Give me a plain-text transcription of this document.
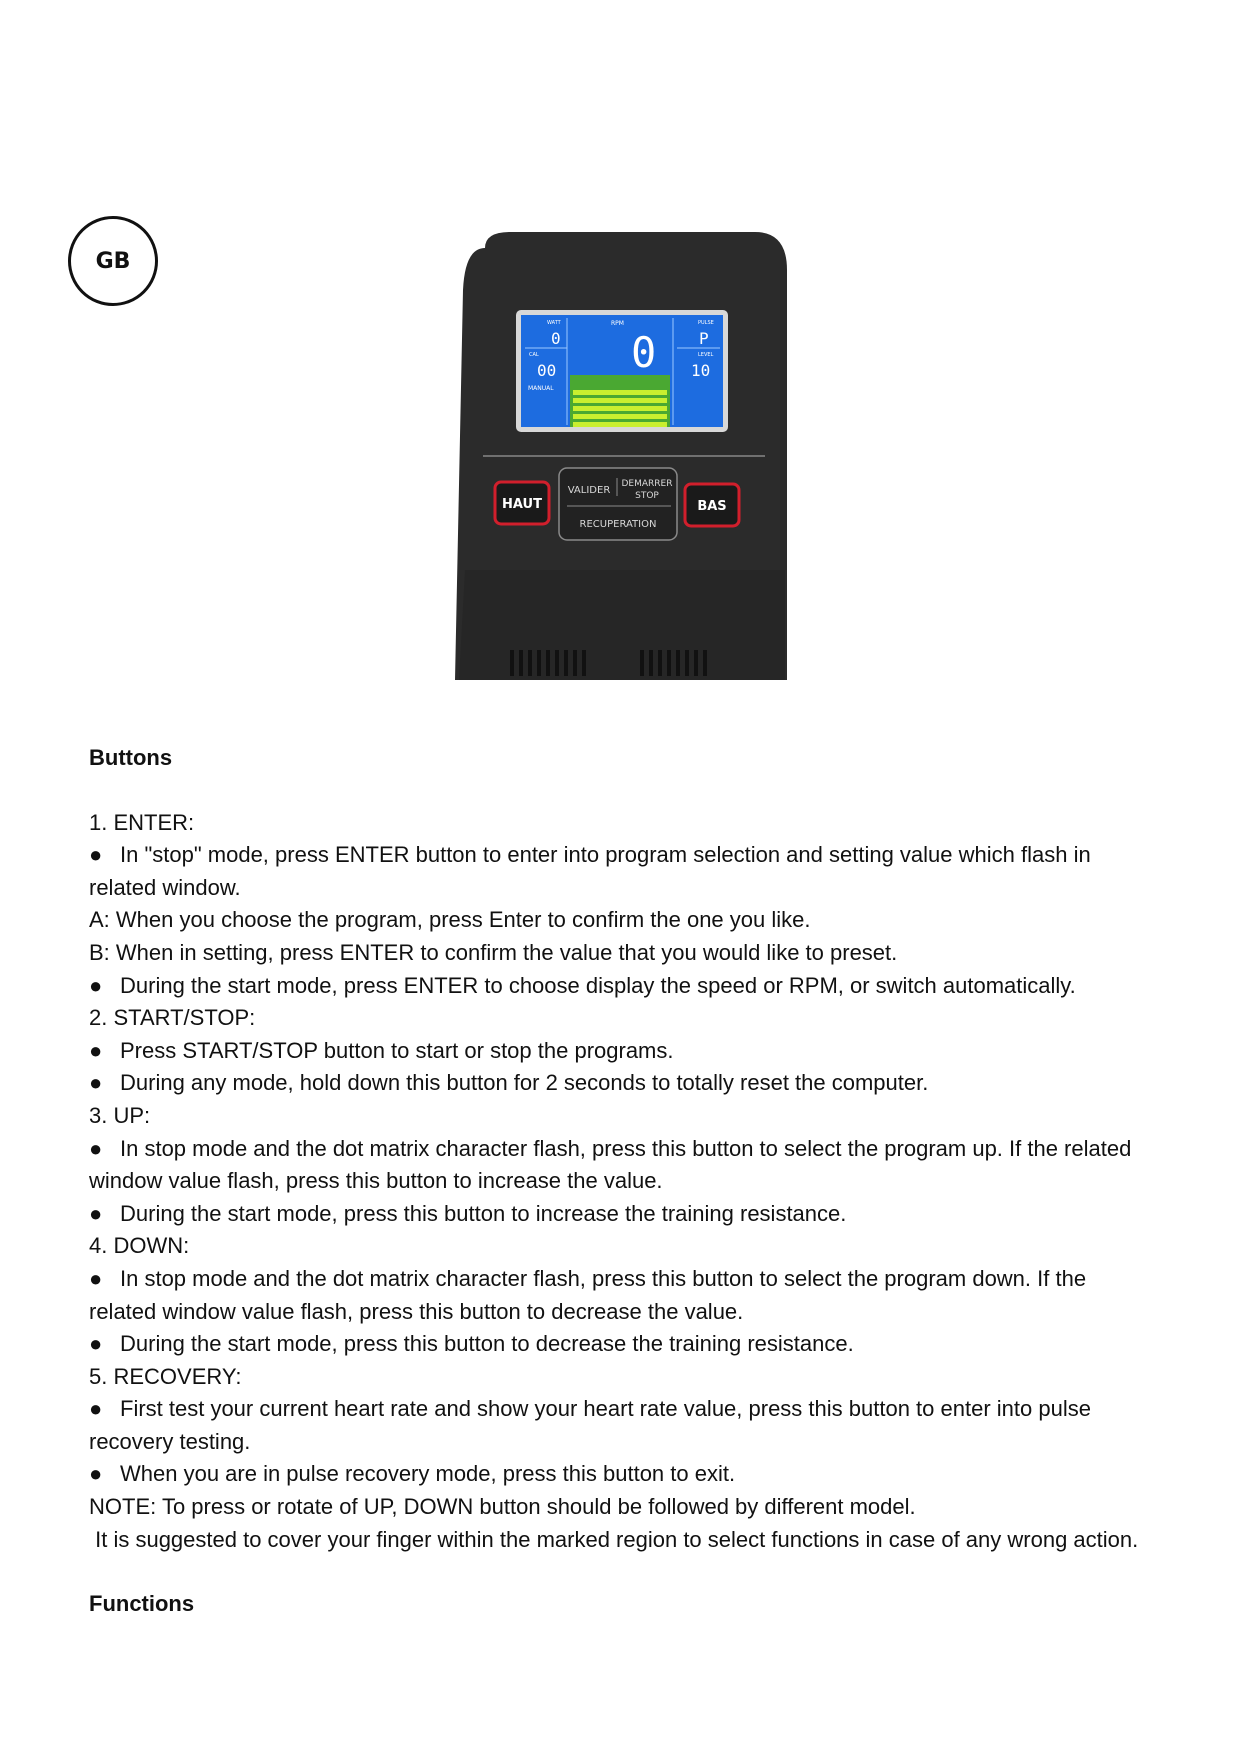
GB
WATT
0
CAL
00
MANUAL
RPM
0
PULSE
P
LEVEL
10
HAUT	BAS
VALIDER
DEMARRER
STOP
RECUPERATION

Buttons

1. ENTER:

● In "stop" mode, press ENTER button to enter into program selection and setting value which flash in related window.

A: When you choose the program, press Enter to confirm the one you like.

B: When in setting, press ENTER to confirm the value that you would like to preset.

● During the start mode, press ENTER to choose display the speed or RPM, or switch automatically.

2. START/STOP:

● Press START/STOP button to start or stop the programs.

● During any mode, hold down this button for 2 seconds to totally reset the computer.

3. UP:

● In stop mode and the dot matrix character flash, press this button to select the program up. If the related window value flash, press this button to increase the value.

● During the start mode, press this button to increase the training resistance.

4. DOWN:

● In stop mode and the dot matrix character flash, press this button to select the program down. If the related window value flash, press this button to decrease the value.

● During the start mode, press this button to decrease the training resistance.

5. RECOVERY:

● First test your current heart rate and show your heart rate value, press this button to enter into pulse recovery testing.

● When you are in pulse recovery mode, press this button to exit.

NOTE: To press or rotate of UP, DOWN button should be followed by different model.

It is suggested to cover your finger within the marked region to select functions in case of any wrong action.

Functions
